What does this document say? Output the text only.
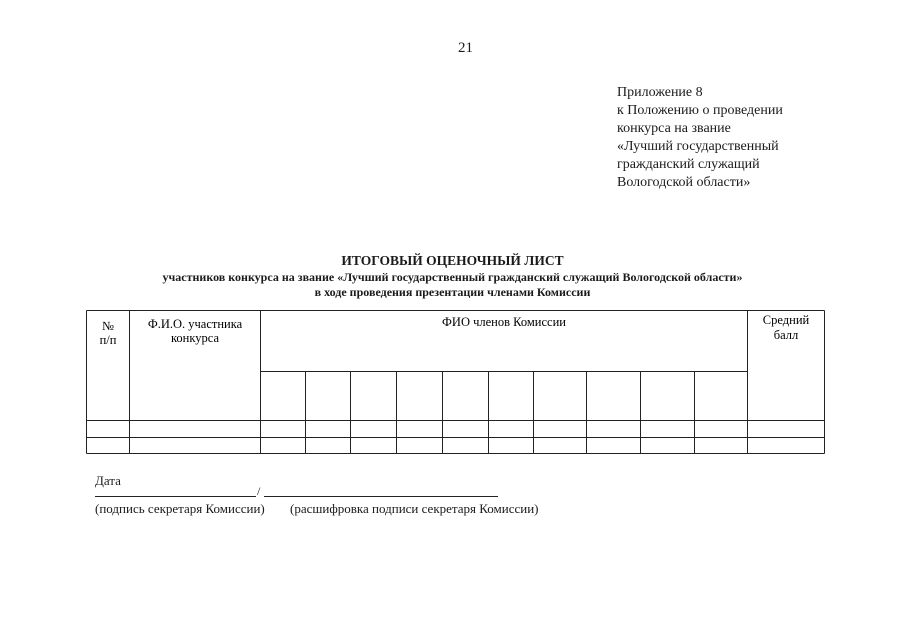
21
Приложение 8
к Положению о проведении
конкурса на звание
«Лучший государственный
гражданский служащий
Вологодской области»
ИТОГОВЫЙ ОЦЕНОЧНЫЙ ЛИСТ
участников конкурса на звание «Лучший государственный гражданский служащий Вологодской области»
в ходе проведения презентации членами Комиссии
№
п/п
Ф.И.О. участника
конкурса
ФИО членов Комиссии	Средний
балл
Дата
/
(подпись секретаря Комиссии) (расшифровка подписи секретаря Комиссии)
